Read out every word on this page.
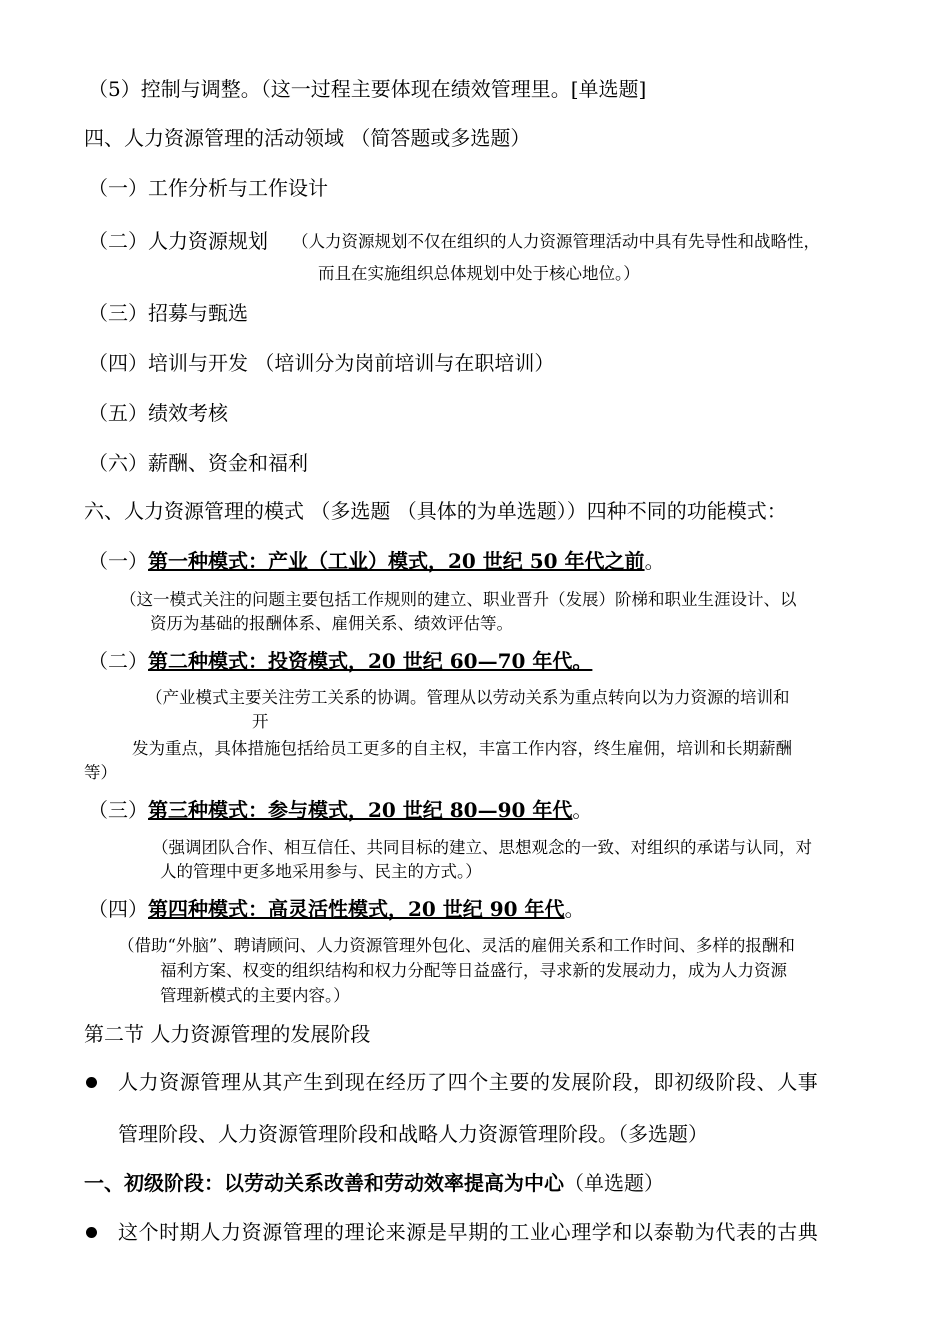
（5）控制与调整。（这一过程主要体现在绩效管理里。[单选题]
四、人力资源管理的活动领域 （简答题或多选题）
（一）工作分析与工作设计
（二）人力资源规划 （人力资源规划不仅在组织的人力资源管理活动中具有先导性和战略性，
而且在实施组织总体规划中处于核心地位。）
（三）招募与甄选
（四）培训与开发 （培训分为岗前培训与在职培训）
（五）绩效考核
（六）薪酬、资金和福利
六、人力资源管理的模式 （多选题 （具体的为单选题））四种不同的功能模式：
（一）第一种模式：产业（工业）模式，20 世纪 50 年代之前。
（这一模式关注的问题主要包括工作规则的建立、职业晋升（发展）阶梯和职业生涯设计、以
资历为基础的报酬体系、雇佣关系、绩效评估等。
（二）第二种模式：投资模式，20 世纪 60—70 年代。
（产业模式主要关注劳工关系的协调。管理从以劳动关系为重点转向以为力资源的培训和
开
发为重点，具体措施包括给员工更多的自主权，丰富工作内容，终生雇佣，培训和长期薪酬
等）
（三）第三种模式：参与模式，20 世纪 80—90 年代。
（强调团队合作、相互信任、共同目标的建立、思想观念的一致、对组织的承诺与认同，对
人的管理中更多地采用参与、民主的方式。）
（四）第四种模式：高灵活性模式，20 世纪 90 年代。
（借助“外脑”、聘请顾问、人力资源管理外包化、灵活的雇佣关系和工作时间、多样的报酬和
福利方案、权变的组织结构和权力分配等日益盛行，寻求新的发展动力，成为人力资源
管理新模式的主要内容。）
第二节 人力资源管理的发展阶段
人力资源管理从其产生到现在经历了四个主要的发展阶段，即初级阶段、人事
管理阶段、人力资源管理阶段和战略人力资源管理阶段。（多选题）
一、初级阶段：以劳动关系改善和劳动效率提高为中心（单选题）
这个时期人力资源管理的理论来源是早期的工业心理学和以泰勒为代表的古典
